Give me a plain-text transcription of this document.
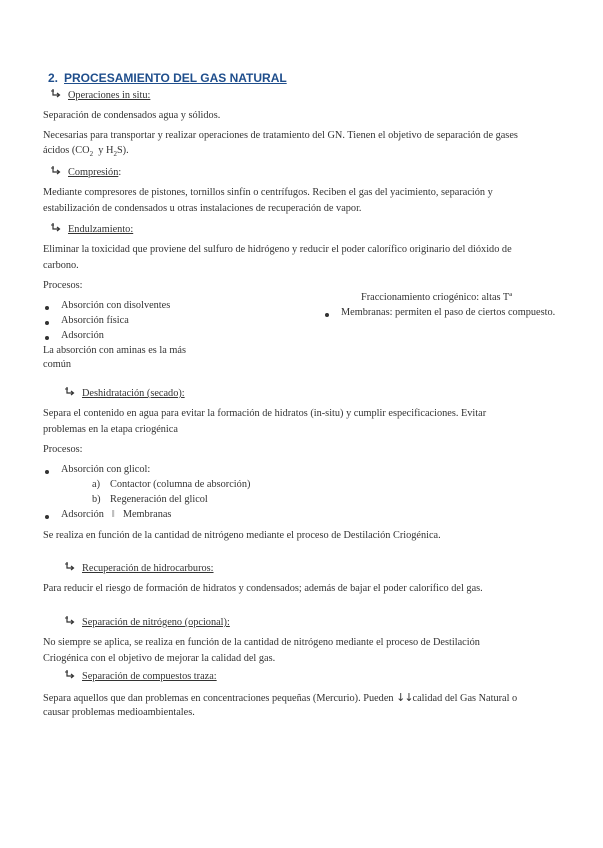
2. PROCESAMIENTO DEL GAS NATURAL
Operaciones in situ:
Separación de condensados agua y sólidos.
Necesarias para transportar y realizar operaciones de tratamiento del GN. Tienen el objetivo de separación de gases
ácidos ($CO_2$  y $H_2S$).
Compresión:
Mediante compresores de pistones, tornillos sinfín o centrífugos. Reciben el gas del yacimiento, separación y
estabilización de condensados u otras instalaciones de recuperación de vapor.
Endulzamiento:
Eliminar la toxicidad que proviene del sulfuro de hidrógeno y reducir el poder calorífico originario del dióxido de
carbono.
Procesos:
Absorción con disolventes
Absorción física
Adsorción
La absorción con aminas es la más
común
Fraccionamiento criogénico: altas Tª
Membranas: permiten el paso de ciertos compuesto.
Deshidratación (secado):
Separa el contenido en agua para evitar la formación de hidratos (in-situ) y cumplir especificaciones. Evitar
problemas en la etapa criogénica
Procesos:
Absorción con glicol:
a) Contactor (columna de absorción)
b) Regeneración del glicol
Adsorción ‖ Membranas
Se realiza en función de la cantidad de nitrógeno mediante el proceso de Destilación Criogénica.
Recuperación de hidrocarburos:
Para reducir el riesgo de formación de hidratos y condensados; además de bajar el poder calorífico del gas.
Separación de nitrógeno (opcional):
No siempre se aplica, se realiza en función de la cantidad de nitrógeno mediante el proceso de Destilación
Criogénica con el objetivo de mejorar la calidad del gas.
Separación de compuestos traza:
Separa aquellos que dan problemas en concentraciones pequeñas (Mercurio). Pueden ↓↓calidad del Gas Natural o
causar problemas medioambientales.
